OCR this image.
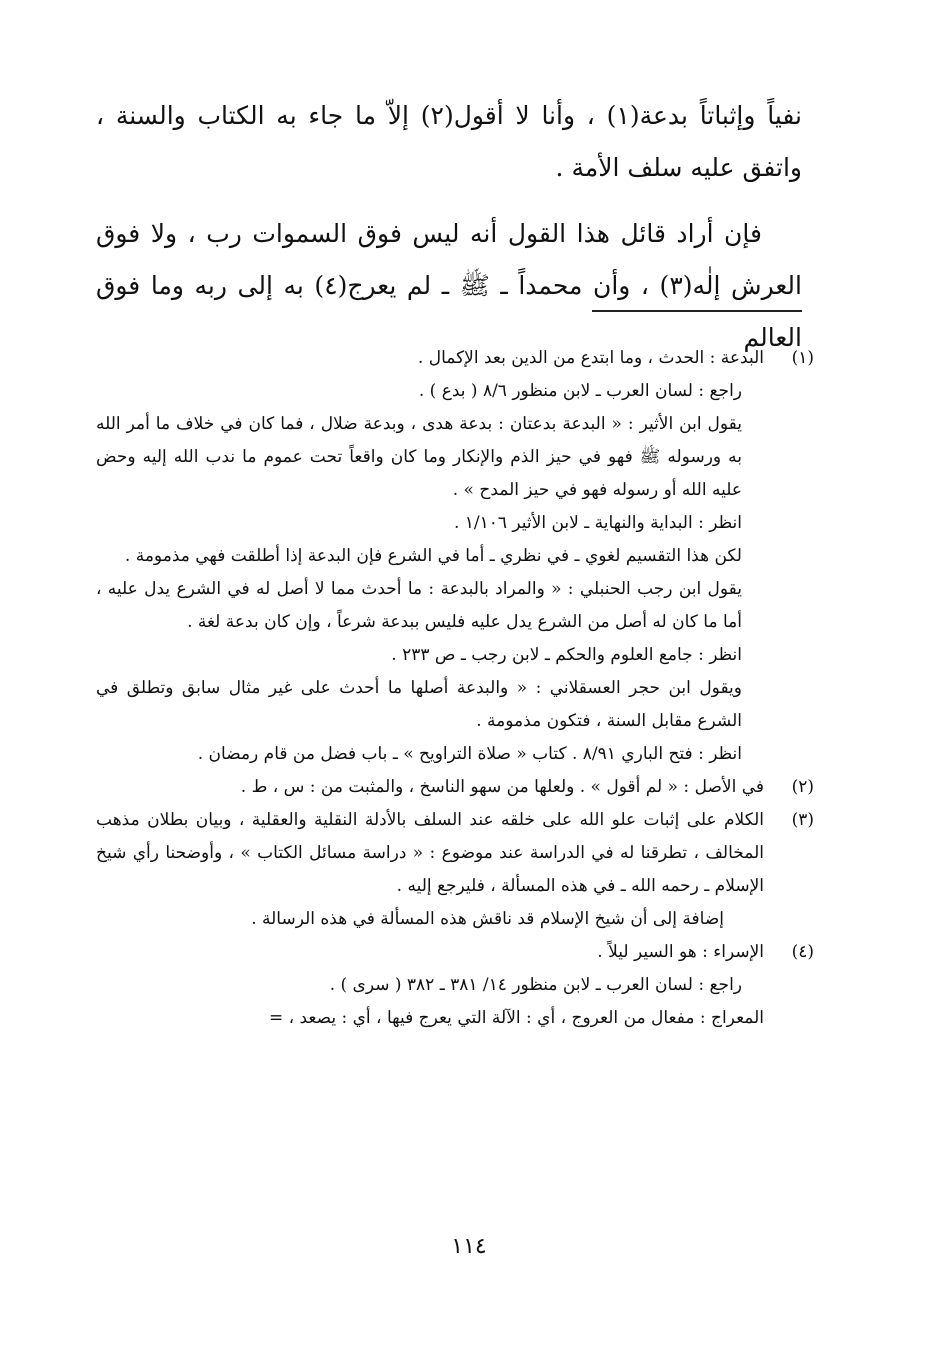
نفياً وإثباتاً بدعة(١) ، وأنا لا أقول(٢) إلاّ ما جاء به الكتاب والسنة ، واتفق عليه سلف الأمة .

فإن أراد قائل هذا القول أنه ليس فوق السموات رب ، ولا فوق العرش إلٰه(٣) ، وأن محمداً ـ ﷺ ـ لم يعرج(٤) به إلى ربه وما فوق العالم

(١)

البدعة : الحدث ، وما ابتدع من الدين بعد الإكمال .

راجع : لسان العرب ـ لابن منظور ٨/٦ ( بدع ) .

يقول ابن الأثير : « البدعة بدعتان : بدعة هدى ، وبدعة ضلال ، فما كان في خلاف ما أمر الله به ورسوله ﷺ فهو في حيز الذم والإنكار وما كان واقعاً تحت عموم ما ندب الله إليه وحض عليه الله أو رسوله فهو في حيز المدح » .

انظر : البداية والنهاية ـ لابن الأثير ١/١٠٦ .

لكن هذا التقسيم لغوي ـ في نظري ـ أما في الشرع فإن البدعة إذا أطلقت فهي مذمومة .

يقول ابن رجب الحنبلي : « والمراد بالبدعة : ما أحدث مما لا أصل له في الشرع يدل عليه ، أما ما كان له أصل من الشرع يدل عليه فليس ببدعة شرعاً ، وإن كان بدعة لغة .

انظر : جامع العلوم والحكم ـ لابن رجب ـ ص ٢٣٣ .

ويقول ابن حجر العسقلاني : « والبدعة أصلها ما أحدث على غير مثال سابق وتطلق في الشرع مقابل السنة ، فتكون مذمومة .

انظر : فتح الباري ٨/٩١ . كتاب « صلاة التراويح » ـ باب فضل من قام رمضان .

(٢)

في الأصل : « لم أقول » . ولعلها من سهو الناسخ ، والمثبت من : س ، ط .

(٣)

الكلام على إثبات علو الله على خلقه عند السلف بالأدلة النقلية والعقلية ، وبيان بطلان مذهب المخالف ، تطرقنا له في الدراسة عند موضوع : « دراسة مسائل الكتاب » ، وأوضحنا رأي شيخ الإسلام ـ رحمه الله ـ في هذه المسألة ، فليرجع إليه .

إضافة إلى أن شيخ الإسلام قد ناقش هذه المسألة في هذه الرسالة .

(٤)

الإسراء : هو السير ليلاً .

راجع : لسان العرب ـ لابن منظور ١٤/ ٣٨١ ـ ٣٨٢ ( سرى ) .

المعراج : مفعال من العروج ، أي : الآلة التي يعرج فيها ، أي : يصعد ، =

١١٤
